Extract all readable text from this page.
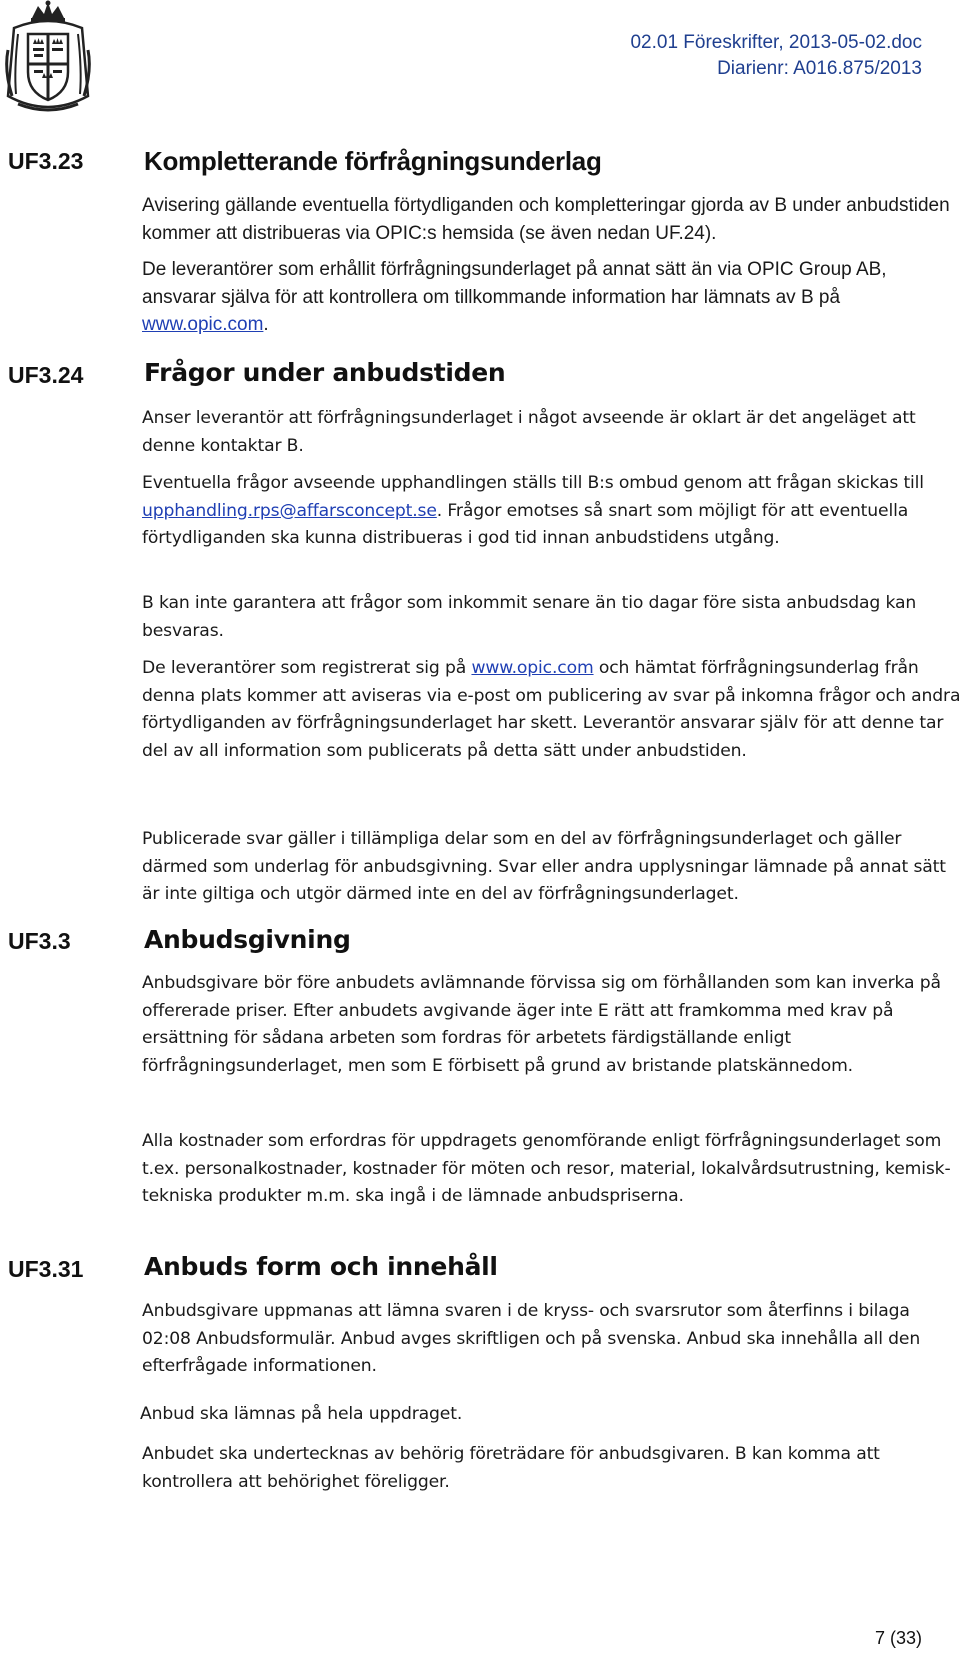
02.01 Föreskrifter, 2013-05-02.doc
Diarienr: A016.875/2013
UF3.23 Kompletterande förfrågningsunderlag
Avisering gällande eventuella förtydliganden och kompletteringar gjorda av B under anbudstiden kommer att distribueras via OPIC:s hemsida (se även nedan UF.24).
De leverantörer som erhållit förfrågningsunderlaget på annat sätt än via OPIC Group AB, ansvarar själva för att kontrollera om tillkommande information har lämnats av B på www.opic.com.
UF3.24 Frågor under anbudstiden
Anser leverantör att förfrågningsunderlaget i något avseende är oklart är det angeläget att denne kontaktar B.
Eventuella frågor avseende upphandlingen ställs till B:s ombud genom att frågan skickas till upphandling.rps@affarsconcept.se. Frågor emotses så snart som möjligt för att eventuella förtydliganden ska kunna distribueras i god tid innan anbudstidens utgång.
B kan inte garantera att frågor som inkommit senare än tio dagar före sista anbudsdag kan besvaras.
De leverantörer som registrerat sig på www.opic.com och hämtat förfrågningsunderlag från denna plats kommer att aviseras via e-post om publicering av svar på inkomna frågor och andra förtydliganden av förfrågningsunderlaget har skett. Leverantör ansvarar själv för att denne tar del av all information som publicerats på detta sätt under anbudstiden.
Publicerade svar gäller i tillämpliga delar som en del av förfrågningsunderlaget och gäller därmed som underlag för anbudsgivning. Svar eller andra upplysningar lämnade på annat sätt är inte giltiga och utgör därmed inte en del av förfrågningsunderlaget.
UF3.3	Anbudsgivning
Anbudsgivare bör före anbudets avlämnande förvissa sig om förhållanden som kan inverka på offererade priser. Efter anbudets avgivande äger inte E rätt att framkomma med krav på ersättning för sådana arbeten som fordras för arbetets färdigställande enligt förfrågningsunderlaget, men som E förbisett på grund av bristande platskännedom.
Alla kostnader som erfordras för uppdragets genomförande enligt förfrågningsunderlaget som t.ex. personalkostnader, kostnader för möten och resor, material, lokalvårdsutrustning, kemisk-tekniska produkter m.m. ska ingå i de lämnade anbudspriserna.
UF3.31 Anbuds form och innehåll
Anbudsgivare uppmanas att lämna svaren i de kryss- och svarsrutor som återfinns i bilaga 02:08 Anbudsformulär. Anbud avges skriftligen och på svenska. Anbud ska innehålla all den efterfrågade informationen.
Anbud ska lämnas på hela uppdraget.
Anbudet ska undertecknas av behörig företrädare för anbudsgivaren. B kan komma att kontrollera att behörighet föreligger.
7 (33)
